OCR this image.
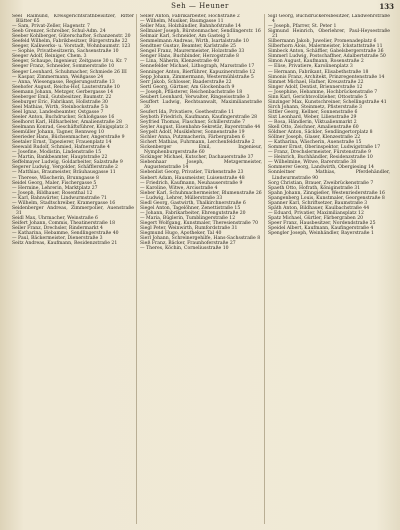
Seh — Heuner	133

Seel Raimund, Kreisgerichtsrathbeisitzer, Ritter Blätter 65

— Sam, Privat-Zeller, Hagenstr. 7

Seeb Grenzer, Schreiber, Schul-Adm. 24

Seeber Kohlberger, Güterschafter, Schanzenstr. 20

Seefeld Wilhelm, Fabrikbesitzer, Bürgerstraße 22

Seeger, Kalkwerks- u. Vorstadt, Wohnbaumstr. 123

— Sophie, Privatbesitzerin, Sachsenstraße 10

Seeger Adolf, Reiniger, Chem. 3

Seeger, Schaupe, Ingenieur, Zeitgasse 30 u. Kr. 7

Seeger Franz, Schneider, Sommerstraße 10

Seeger Leonhard, Schuhmacher, Schmiede 26 III

— Kaspar, Zimmermann, Weißgasse 24

— Anna, Wiesengasse, Regierungsstraße 13

Seehofer August, Reichs-Hof, Lauterstraße 10

Seemann Johann, Metzger, Gerbergasse 14

Seeberger Emil, Gutsbesitzer, Baumstr. 22

Seeburger Eric, Fabrikant, Hollstraße 30

Seel Mathias, Wirth, Steinbockstraße 5 b

Seel Ignaz, Landesbeamter, Ostgasse 7

Seeler Anton, Buchdrucker, Schloßgasse 16

Seelhorst Karl, Hilfsarbeiter, Amalienstraße 28

Seelmann Konrad, Geschäftsführer, Königsplatz 3

Seemüller Johann, Tagner, Rennweg 10

Seerieder Hans, Büchsenmacher, Angerstraße 9

Seetaler Ernst, Tapezierer, Frauenplatz 14

Seewald Rudolf, Schmied, Hafnerstraße 4

— Josefine, Modistin, Lindenstraße 15

— Martin, Bankbeamter, Hauptstraße 22

Seffelmayer Ludwig, Goldarbeiter, Salzstraße 9

Segerer Ludwig, Vergolder, Schäfflerstraße 2

— Matthias, Braumeister, Bräuhausgasse 11

— Therese, Wäscherin, Brunngasse 8

Seidel Georg, Maler, Fischergasse 5

— Hermine, Lehrerin, Marktplatz 27

— Joseph, Bildhauer, Rosenthal 12

— Karl, Bahnwärter, Lindwurmstraße 71

— Wilhelm, Stadtschreiber, Kramergasse 16

Seidenberger Andreas, Zimmerpolier, Auenstraße 31

Seidl Max, Uhrmacher, Weinstraße 6

Seifert Johann, Commis, Theatinerstraße 18

Seiler Franz, Drechsler, Rindermarkt 4

— Katharina, Hebamme, Sendlingerstraße 40

— Paul, Bäckermeister, Dienerstraße 3

Seitz Andreas, Kaufmann, Residenzstraße 21

Seller Anton, Fabrikarbeiter, Hochstraße 2

— Wilhelm, Musiker, Baumgasse 11

Seller Max, Holzhändler, Bahnhofstraße 14

Sellmaier Joseph, Bürstenmacher, Sendlingerstr. 16

Selmair Karl, Schneider, Am Gasteig 3

Semmelmann Andreas, Wirth, Isartalstraße 10

Sendtner Gustav, Beamter, Karlstraße 25

Sengel Franz, Maurermeister, Holzstraße 33

Senger Hans, Buchbinder, Herzogstraße 8

— Lina, Näherin, Klenzestraße 40

Sennefelder Michael, Lithograph, Marsstraße 17

Senninger Anton, Bierführer, Kapuzinerstraße 12

Sepp Johann, Zimmermann, Westermühlstraße 5

Serr Jakob, Schlosser, Baaderstraße 22

Sertl Georg, Gärtner, Am Glockenbach 9

— Joseph, Pflästerer, Reichenbachstraße 18

Seubert Leonhard, Verwalter, Ringseisstraße 3

Seuffert Ludwig, Rechtsanwalt, Maximilianstraße 30

Seufert Ida, Privatiere, Goethestraße 11

Seyboth Friedrich, Kaufmann, Kaufingerstraße 28

Seyfried Thomas, Flaschner, Schillerstraße 7

Seyler August, Eisenbahn-Sekretär, Bayerstraße 44

Seypelt Adolf, Musiklehrer, Sonnenstraße 19

Sichler Anna, Putzmacherin, Färbergraben 6

Sichert Mathias, Fuhrmann, Lerchenfeldstraße 2

Sickenberger Emil, Ingenieur, Nymphenburgerstraße 60

Sickinger Michael, Kutscher, Dachauerstraße 37

Siebenhaar Joseph, Metzgermeister, Augustenstraße 14

Siebenlist Georg, Privatier, Türkenstraße 23

Siebert Adam, Hausmeister, Luisenstraße 48

— Friedrich, Kaufmann, Neuhauserstraße 9

— Karoline, Witwe, Arcisstraße 4

Sieber Karl, Schuhmachermeister, Blumenstraße 26

— Ludwig, Lehrer, Müllerstraße 33

Siedl Georg, Gastwirth, Thalkirchnerstraße 6

Siegel Anton, Tagelöhner, Zenettistraße 15

— Johann, Fabrikarbeiter, Ehrengutstraße 20

— Maria, Büglerin, Tumblingerstraße 12

Siegert Wolfgang, Kunstmaler, Theresienstraße 70

Siegl Peter, Weinwirth, Rumfordstraße 31

Siegmund Hugo, Apotheker, Tal 40

Sierl Johann, Schreinergehilfe, Hans-Sachsstraße 8

Sieß Franz, Bäcker, Fraunhoferstraße 27

— Theres, Köchin, Corneliusstraße 10

Sigl Georg, Buchdruckereibesitzer, Landwehrstraße 4

— Joseph, Pfarrer, St. Peter 1

Sigmund Heinrich, Oberlehrer, Paul-Heysestraße 21

Silbermann Jakob, Juwelier, Promenadeplatz 6

Silberhorn Alois, Malermeister, Ickstattstraße 11

Simbeck Anton, Schäffler, Gabelsbergerstraße 36

Simmerl Ludwig, Postschaffner, Adalbertstraße 50

Simon August, Kaufmann, Rosenstraße 2

— Elise, Privatiere, Karolinenplatz 3

— Hermann, Fabrikant, Elisabethstraße 18

Simonis Franz, Architekt, Prinzregentenstraße 14

Simmet Michael, Hafner, Kreuzstraße 22

Singer Adolf, Dentist, Briennerstraße 12

— Josephine, Hebamme, Hochbrückenstraße 7

Sinn Karl, Gerichtsvollzieher, Ottostraße 5

Sinzinger Max, Kunstschreiner, Schellingstraße 41

Sirch Johann, Steinmetz, Pfisterstraße 3

Sittler Georg, Kellner, Sonnenstraße 6

Sixt Leonhard, Weber, Lilienstraße 29

— Rosa, Händlerin, Viktualienmarkt 2

Skell Otto, Zeichner, Amalienstraße 60

Söldner Anton, Säckler, Sendlingertorplatz 8

Söllner Joseph, Glaser, Klenzestraße 22

— Katharina, Wäscherin, Auenstraße 15

Sommer Ernst, Oberinspektor, Ludwigstraße 17

— Franz, Drechslermeister, Fürstenstraße 9

— Heinrich, Buchhändler, Residenzstraße 10

— Wilhelmine, Witwe, Barerstraße 38

Sommerer Georg, Landwirth, Obergiesing 14

Sonnleitner Mathias, Pferdehändler, Lindwurmstraße 90

Sorg Christian, Brauer, Zweibrückenstraße 7

Spaeth Otto, Hofrath, Königinstraße 31

Spahn Johann, Zinngießer, Westenriederstraße 16

Spangenberg Louis, Kunstmaler, Georgenstraße 8

Spanner Karl, Schriftsetzer, Baumstraße 3

Späth Anton, Bildhauer, Kaulbachstraße 44

— Eduard, Privatier, Maximiliansplatz 12

Spatz Michael, Gürtler, Färbergraben 20

Speer Franz, Hausbesitzer, Nordendstraße 25

Speidel Albert, Kaufmann, Kaufingerstraße 4

Spengler Joseph, Weinhändler, Bayerstraße 1
